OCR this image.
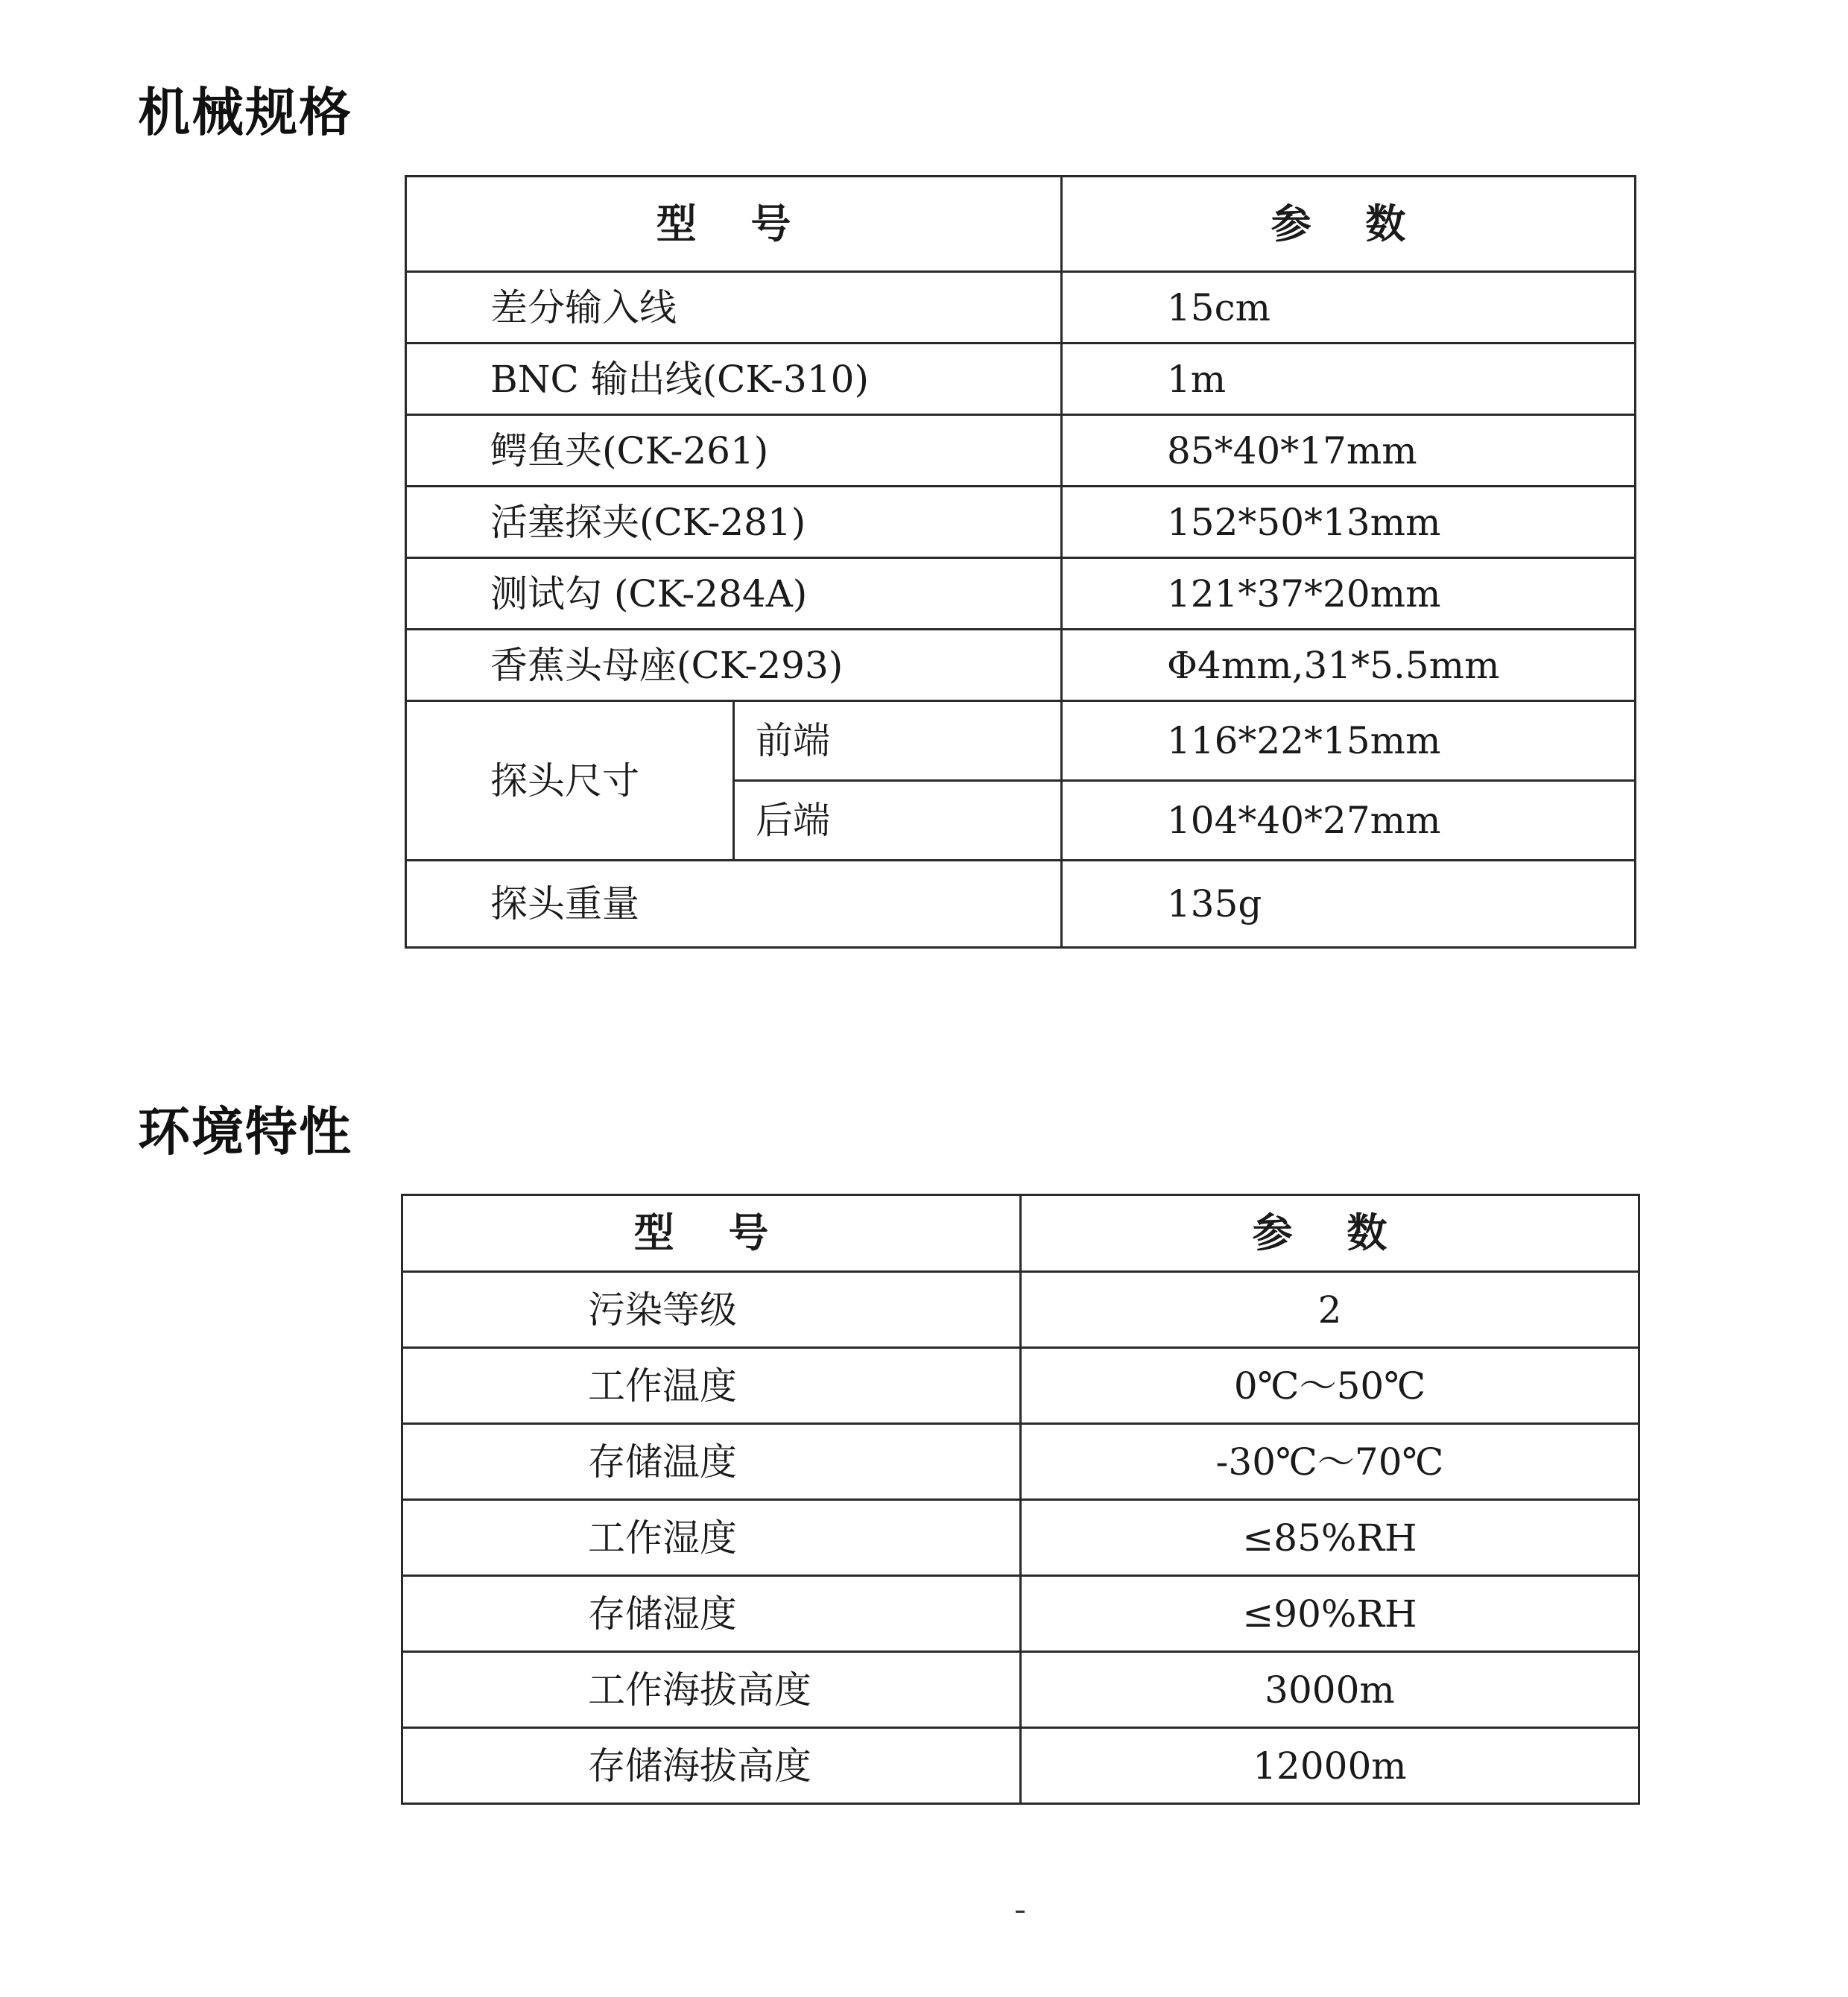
机械规格
型 号		参 数
差分输入线		15cm
BNC 输出线(CK-310)		1m
鳄鱼夹(CK-261)		85*40*17mm
活塞探夹(CK-281)		152*50*13mm
测试勾 (CK-284A)		121*37*20mm
香蕉头母座(CK-293)		Φ4mm,31*5.5mm
探头尺寸	前端	116*22*15mm
	后端	104*40*27mm
探头重量		135g
环境特性
型 号	参 数
污染等级	2
工作温度	0℃～50℃
存储温度	-30℃～70℃
工作湿度	≤85%RH
存储湿度	≤90%RH
工作海拔高度	3000m
存储海拔高度	12000m
